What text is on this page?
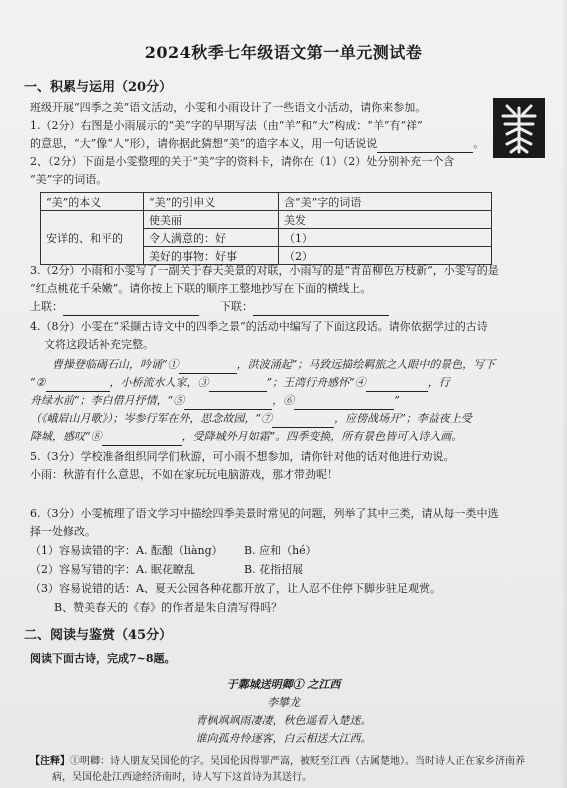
2024秋季七年级语文第一单元测试卷
一、积累与运用（20分）
班级开展“四季之美”语文活动，小雯和小雨设计了一些语文小活动，请你来参加。
1.（2分）右图是小雨展示的“美”字的早期写法（由“羊”和“大”构成：“羊”有“祥”
的意思，“大”像“人”形），请你据此猜想“美”的造字本义，用一句话说说	。
2、（2分）下面是小雯整理的关于“美”字的资料卡，请你在（1）（2）处分别补充一个含
“美”字的词语。
“美”的本义	“美”的引申义	含“美”字的词语
安详的、和平的	使美丽	美发
	令人满意的：好	（1）
	美好的事物：好事	（2）
3.（2分）小雨和小雯写了一副关于春天美景的对联，小雨写的是“青苗柳色万枝新”，小雯写的是
“红点桃花千朵嫩”。请你按上下联的顺序工整地抄写在下面的横线上。
上联：	下联：
4.（8分）小雯在“采撷古诗文中的四季之景”的活动中编写了下面这段话。请你依据学过的古诗
文将这段话补充完整。
曹操登临碣石山，吟诵“①	，洪波涌起”；马致远描绘羁旅之人眼中的景色，写下
“②	，小桥流水人家，③	”；王湾行舟感怀“④	，行
舟绿水前”；李白借月抒情，“⑤	，⑥	”
（《峨眉山月歌》）；岑参行军在外，思念故园，“⑦	，应傍战场开”；李益夜上受
降城，感叹“⑧	，受降城外月如霜”。四季变换，所有景色皆可入诗入画。
5.（3分）学校准备组织同学们秋游，可小雨不想参加，请你针对他的话对他进行劝说。
小雨：秋游有什么意思，不如在家玩玩电脑游戏，那才带劲呢！
6.（3分）小雯梳理了语文学习中描绘四季美景时常见的问题，列举了其中三类，请从每一类中选
择一处修改。
（1）容易读错的字：A. 酝酿（liàng） B. 应和（hé）
（2）容易写错的字：A. 眠花瞭乱	B. 花指招展
（3）容易说错的话：A、夏天公园各种花都开放了，让人忍不住停下脚步驻足观赏。
B、赞美春天的《春》的作者是朱自清写得吗？
二、阅读与鉴赏（45分）
阅读下面古诗，完成7~8题。
于鄴城送明卿① 之江西
李攀龙
青枫飒飒雨凄凄，秋色遥看入楚迷。
谁向孤舟怜逐客，白云相送大江西。
【注释】①明卿：诗人朋友吴国伦的字。吴国伦因得罪严嵩，被贬至江西（古属楚地）。当时诗人正在家乡济南养
病，吴国伦赴江西途经济南时，诗人写下这首诗为其送行。
